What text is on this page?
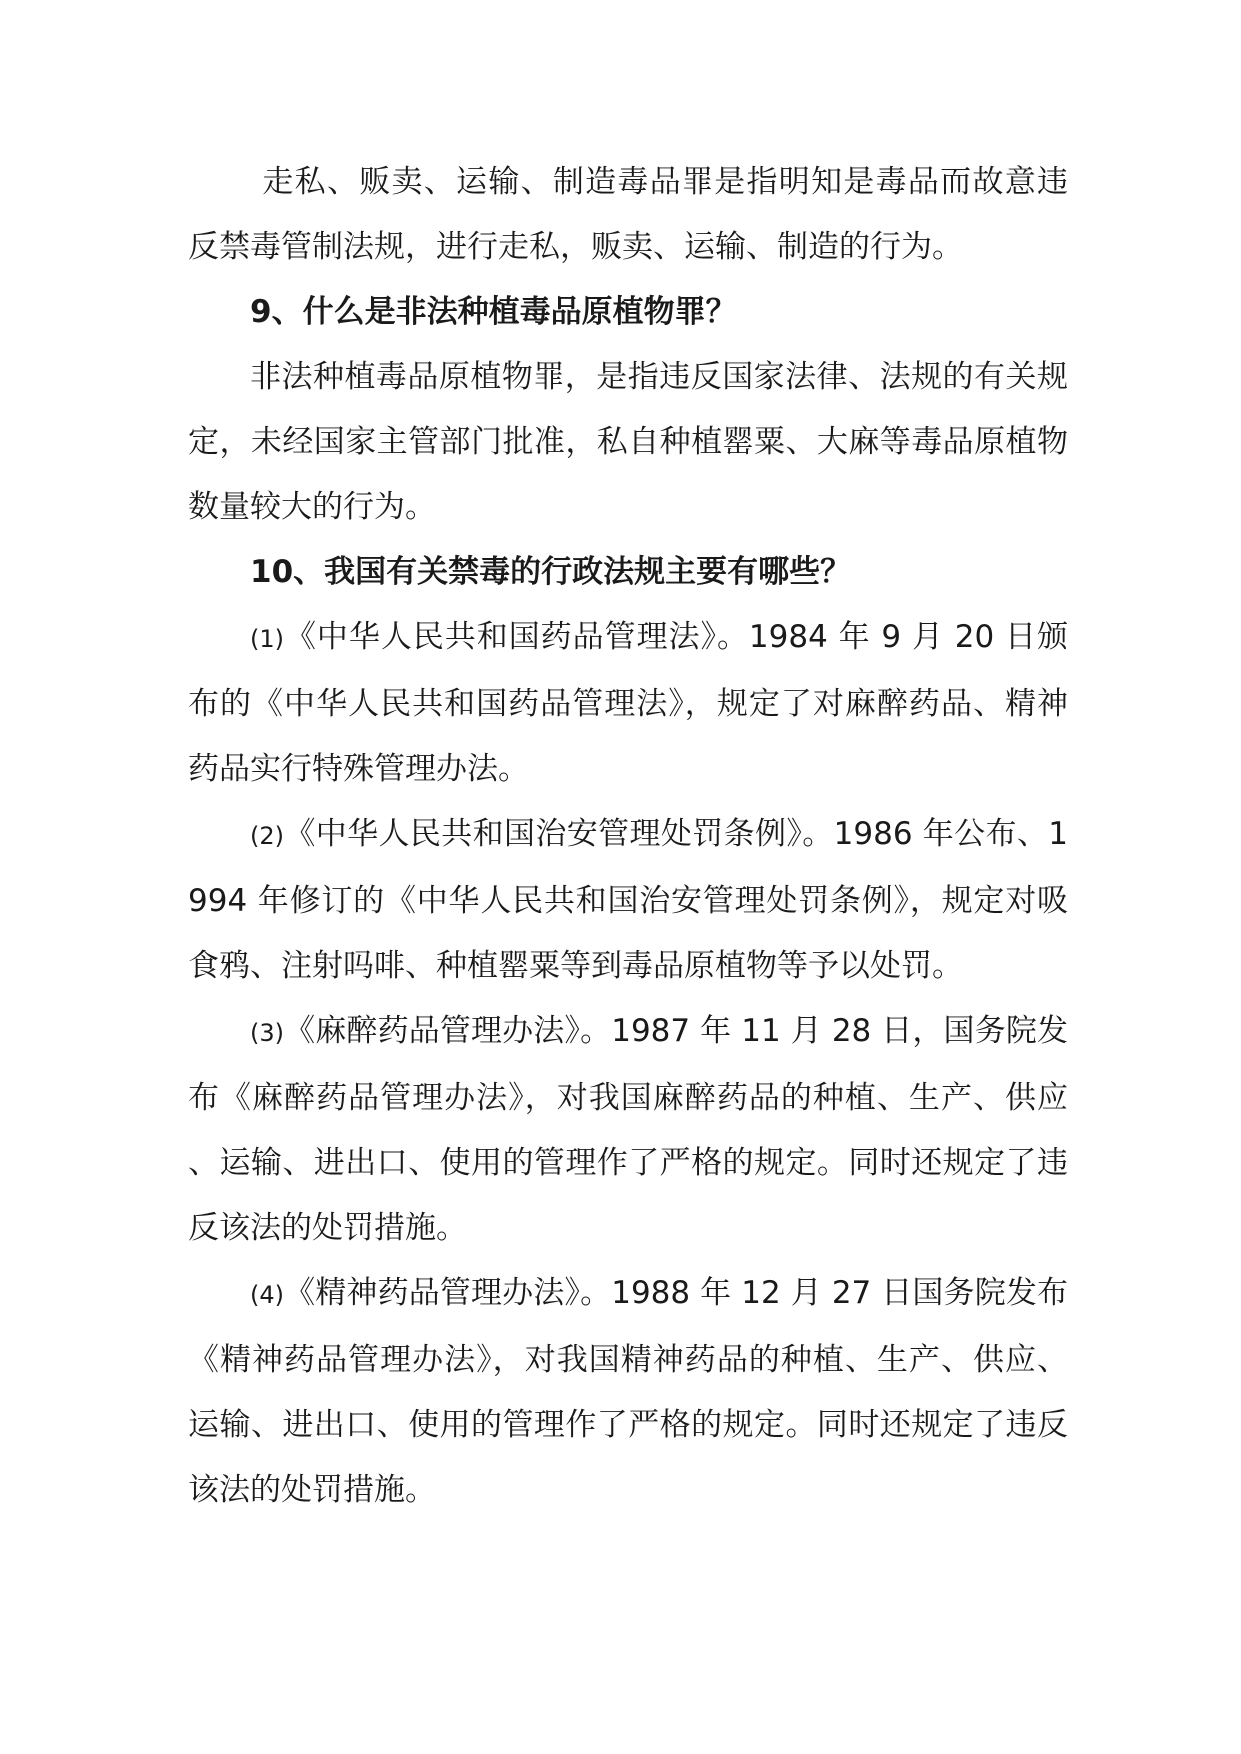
走私、贩卖、运输、制造毒品罪是指明知是毒品而故意违反禁毒管制法规，进行走私，贩卖、运输、制造的行为。

9、什么是非法种植毒品原植物罪？

非法种植毒品原植物罪，是指违反国家法律、法规的有关规定，未经国家主管部门批准，私自种植罂粟、大麻等毒品原植物数量较大的行为。

10、我国有关禁毒的行政法规主要有哪些？

(1)《中华人民共和国药品管理法》。1984 年 9 月 20 日颁布的《中华人民共和国药品管理法》，规定了对麻醉药品、精神药品实行特殊管理办法。

(2)《中华人民共和国治安管理处罚条例》。1986 年公布、1994 年修订的《中华人民共和国治安管理处罚条例》，规定对吸食鸦、注射吗啡、种植罂粟等到毒品原植物等予以处罚。

(3)《麻醉药品管理办法》。1987 年 11 月 28 日，国务院发布《麻醉药品管理办法》，对我国麻醉药品的种植、生产、供应、运输、进出口、使用的管理作了严格的规定。同时还规定了违反该法的处罚措施。

(4)《精神药品管理办法》。1988 年 12 月 27 日国务院发布《精神药品管理办法》，对我国精神药品的种植、生产、供应、运输、进出口、使用的管理作了严格的规定。同时还规定了违反该法的处罚措施。
